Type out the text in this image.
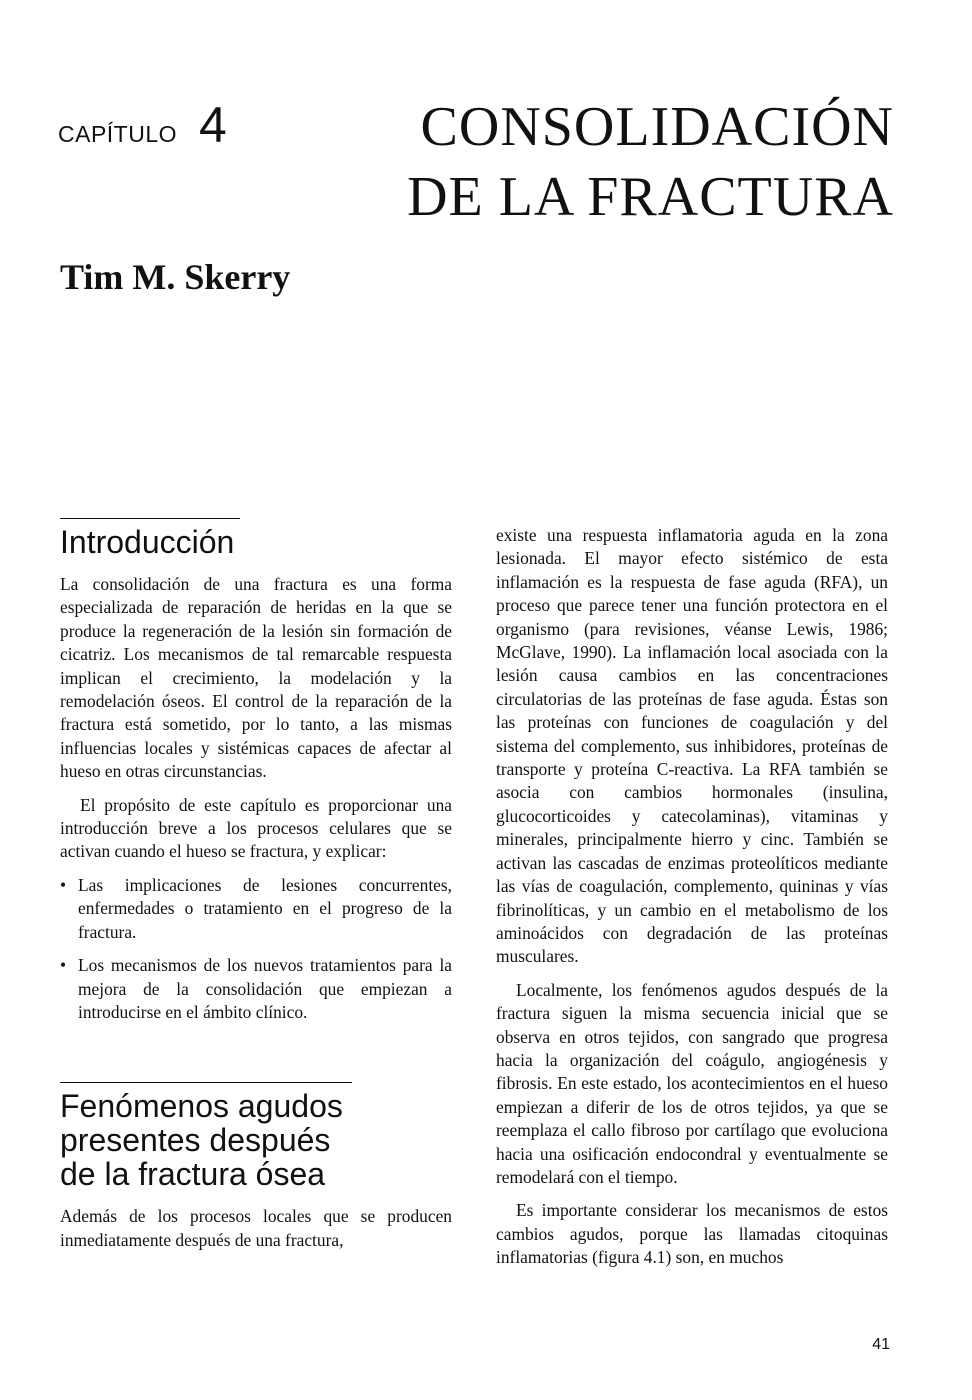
CAPÍTULO 4	CONSOLIDACIÓN
DE LA FRACTURA
Tim M. Skerry
Introducción

La consolidación de una fractura es una forma especializada de reparación de heridas en la que se produce la regeneración de la lesión sin formación de cicatriz. Los mecanismos de tal remarcable respuesta implican el crecimiento, la modelación y la remodelación óseos. El control de la reparación de la fractura está sometido, por lo tanto, a las mismas influencias locales y sistémicas capaces de afectar al hueso en otras circunstancias.

El propósito de este capítulo es proporcionar una introducción breve a los procesos celulares que se activan cuando el hueso se fractura, y explicar:

• Las implicaciones de lesiones concurrentes, enfermedades o tratamiento en el progreso de la fractura.
• Los mecanismos de los nuevos tratamientos para la mejora de la consolidación que empiezan a introducirse en el ámbito clínico.
Fenómenos agudos
presentes después
de la fractura ósea

Además de los procesos locales que se producen inmediatamente después de una fractura,

existe una respuesta inflamatoria aguda en la zona lesionada. El mayor efecto sistémico de esta inflamación es la respuesta de fase aguda (RFA), un proceso que parece tener una función protectora en el organismo (para revisiones, véanse Lewis, 1986; McGlave, 1990). La inflamación local asociada con la lesión causa cambios en las concentraciones circulatorias de las proteínas de fase aguda. Éstas son las proteínas con funciones de coagulación y del sistema del complemento, sus inhibidores, proteínas de transporte y proteína C-reactiva. La RFA también se asocia con cambios hormonales (insulina, glucocorticoides y catecolaminas), vitaminas y minerales, principalmente hierro y cinc. También se activan las cascadas de enzimas proteolíticos mediante las vías de coagulación, complemento, quininas y vías fibrinolíticas, y un cambio en el metabolismo de los aminoácidos con degradación de las proteínas musculares.

Localmente, los fenómenos agudos después de la fractura siguen la misma secuencia inicial que se observa en otros tejidos, con sangrado que progresa hacia la organización del coágulo, angiogénesis y fibrosis. En este estado, los acontecimientos en el hueso empiezan a diferir de los de otros tejidos, ya que se reemplaza el callo fibroso por cartílago que evoluciona hacia una osificación endocondral y eventualmente se remodelará con el tiempo.

Es importante considerar los mecanismos de estos cambios agudos, porque las llamadas citoquinas inflamatorias (figura 4.1) son, en muchos

41
